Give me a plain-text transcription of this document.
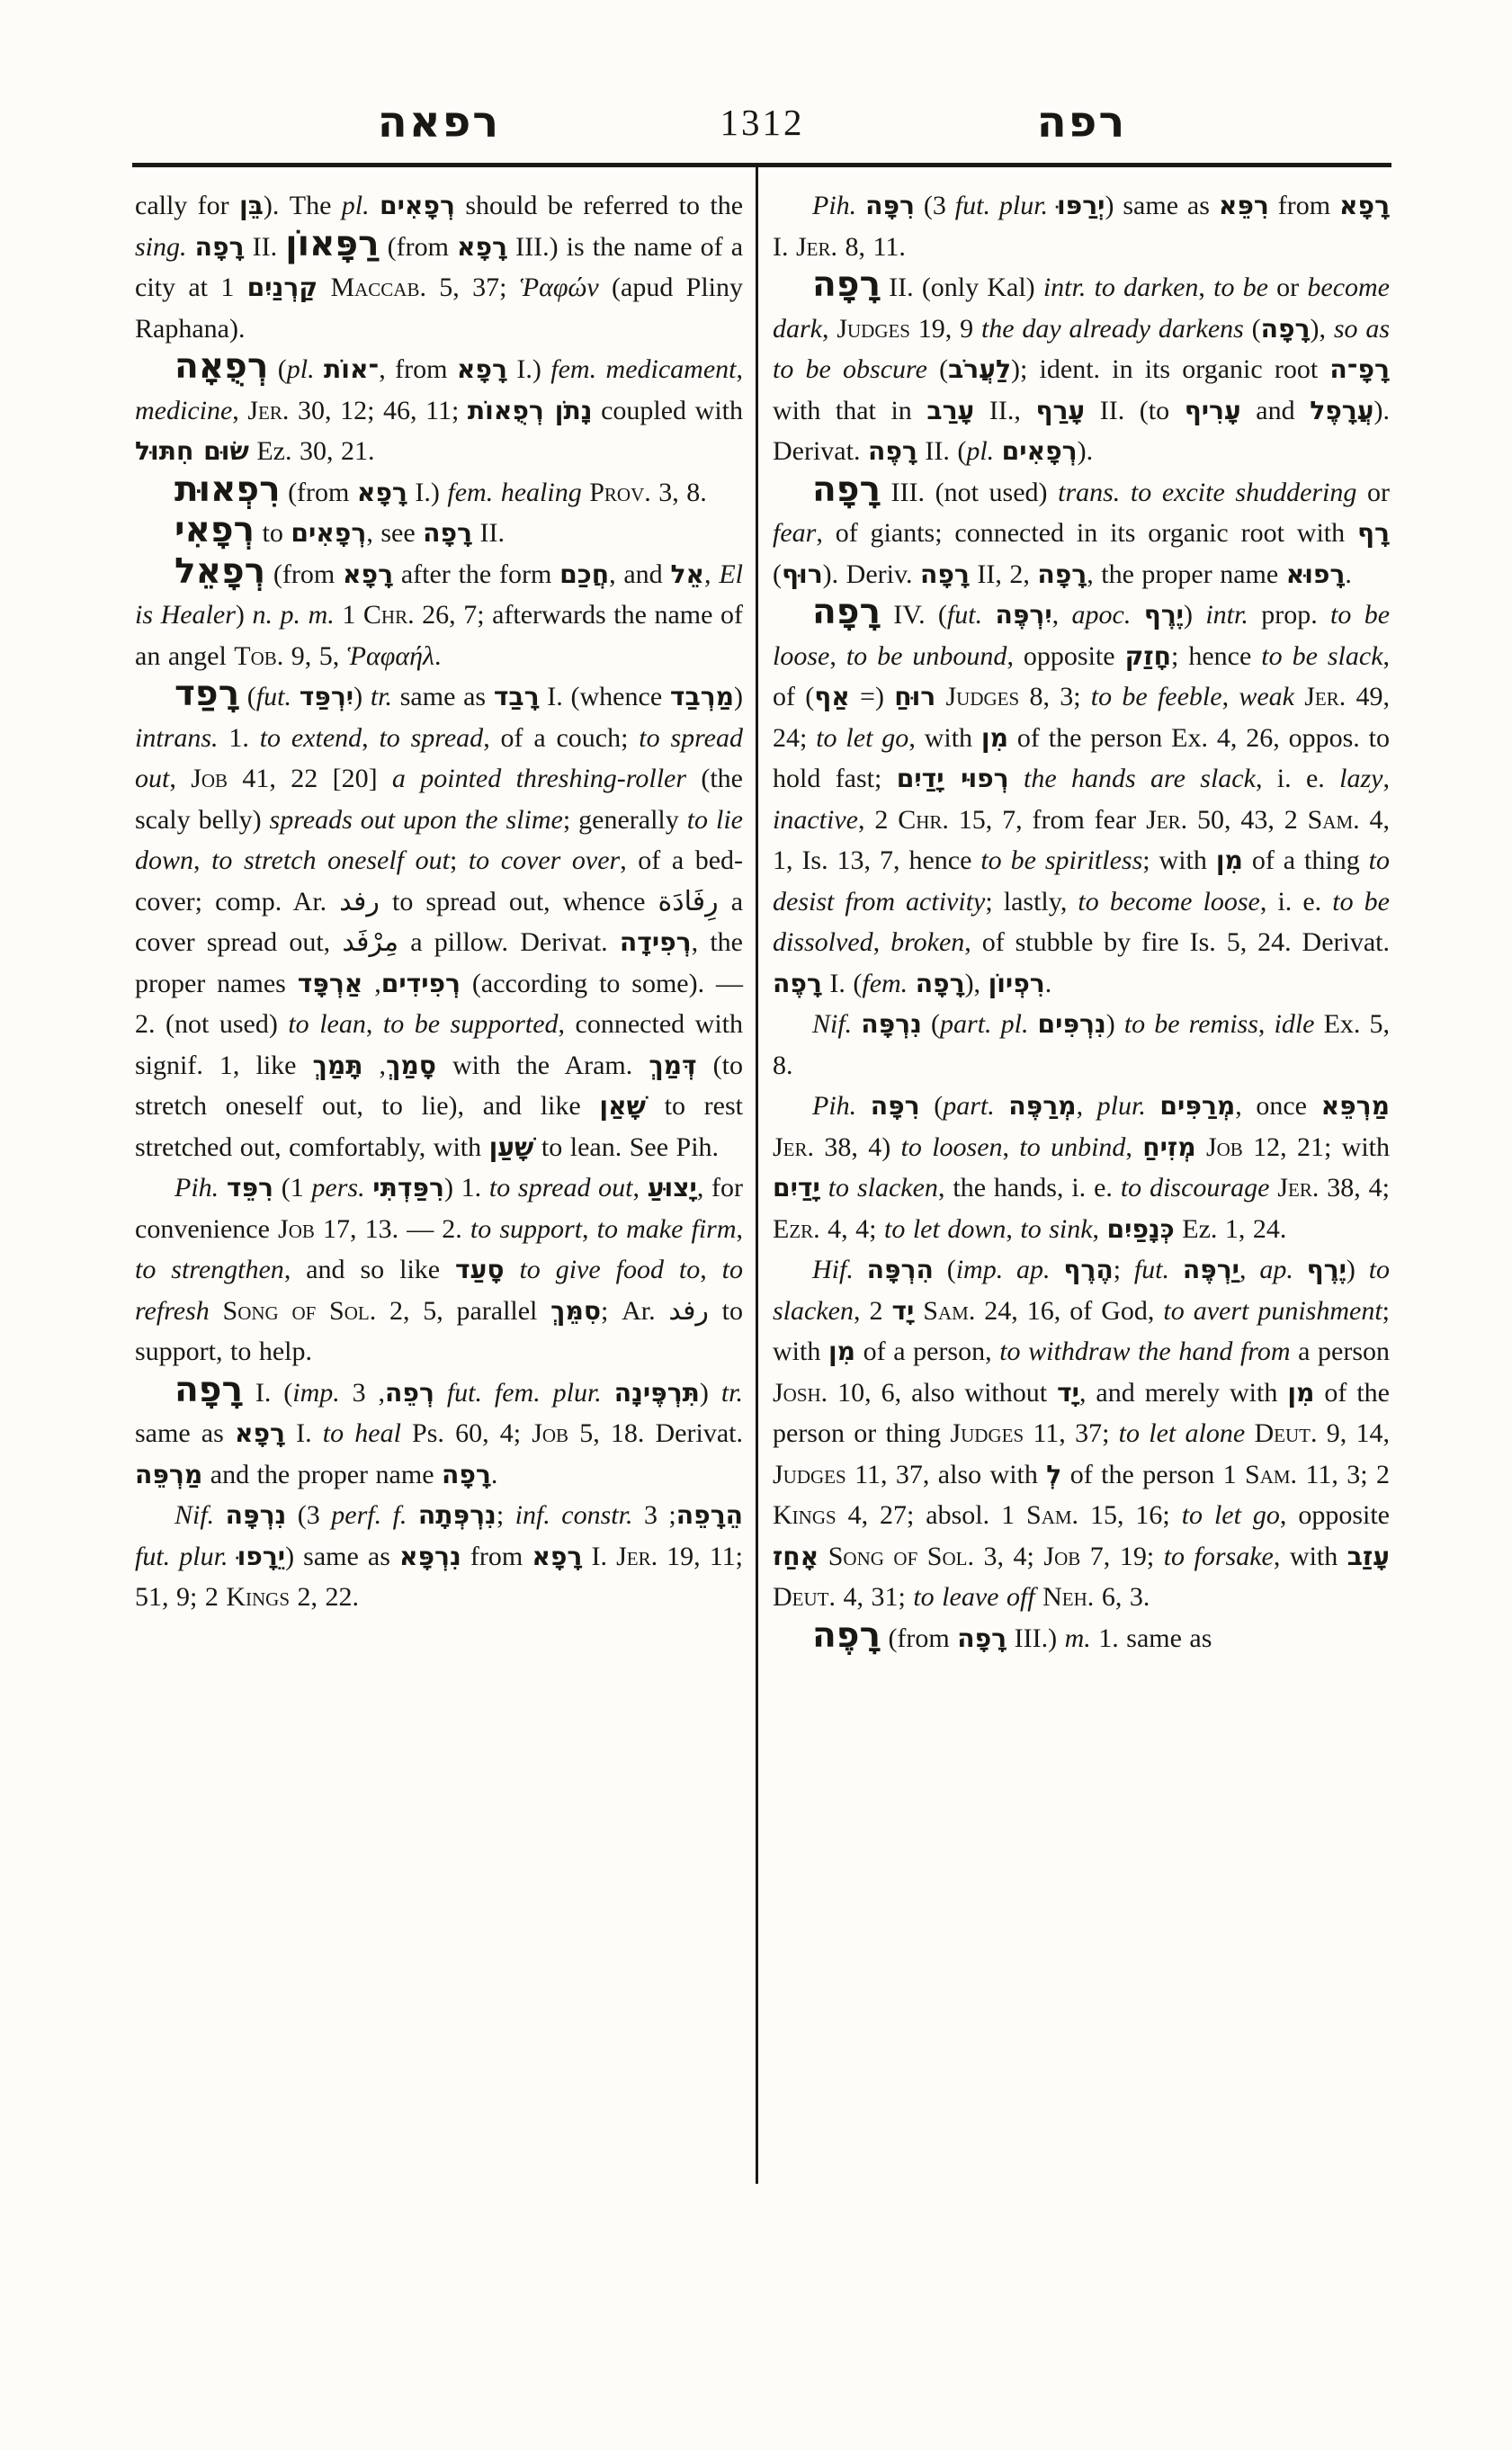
רפאה	1312	רפה

cally for בֵּן). The pl. רְפָאִים should be referred to the sing. רָפָה II. רַפָּאוֹן (from רָפָא III.) is the name of a city at קַרְנַיִם 1 Maccab. 5, 37; Ῥαφών (apud Pliny Raphana).

רְפֻאָה (pl. ־אוֹת, from רָפָא I.) fem. medicament, medicine, Jer. 30, 12; 46, 11; נָתֹן רְפֻאוֹת coupled with שׂוּם חִתּוּל Ez. 30, 21.

רִפְאוּת (from רָפָא I.) fem. healing Prov. 3, 8.

רְפָאִי to רְפָאִים, see רָפָה II.

רְפָאֵל (from רָפָא after the form חֲכַם, and אֵל, El is Healer) n. p. m. 1 Chr. 26, 7; afterwards the name of an angel Tob. 9, 5, Ῥαφαήλ.

רָפַד (fut. יִרְפַּד) tr. same as רָבַד I. (whence מַרְבַד) intrans. 1. to extend, to spread, of a couch; to spread out, Job 41, 22 [20] a pointed threshing-roller (the scaly belly) spreads out upon the slime; generally to lie down, to stretch oneself out; to cover over, of a bed-cover; comp. Ar. رفد to spread out, whence رِفَادَة a cover spread out, مِرْفَد a pillow. Derivat. רְפִידָה, the proper names	רְפִידִים, אַרְפָּד	(according to some). — 2. (not used) to lean, to be supported, connected with signif. 1, like	סָמַךְ, תָּמַךְ	with the Aram. דְּמַךְ (to stretch oneself out, to lie), and like שָׁאַן to rest stretched out, comfortably, with שָׁעַן to lean. See Pih.

Pih. רִפֵּד (1 pers. רִפַּדְתִּי) 1. to spread out, יָצוּעַ, for convenience Job 17, 13. — 2. to support, to make firm, to strengthen, and so like סָעַד to give food to, to refresh Song of Sol. 2, 5, parallel סִמֵּךְ; Ar. رفد to support, to help.

רָפָה I. (imp. רְפֵה, 3 fut. fem. plur. תִּרְפֶּינָה) tr. same as רָפָא I. to heal Ps. 60, 4; Job 5, 18. Derivat. מַרְפֵּה and the proper name רָפָה.

Nif. נִרְפָּה (3 perf. f. נִרְפְּתָה; inf. constr. הֵרָפֵה; 3 fut. plur. יֵרָפוּ) same as נִרְפָּא from רָפָא I. Jer. 19, 11; 51, 9; 2 Kings 2, 22.

Pih. רִפָּה (3 fut. plur. יְרַפּוּ) same as רִפֵּא from רָפָא I. Jer. 8, 11.

רָפָה II. (only Kal) intr. to darken, to be or become dark, Judges 19, 9 the day already darkens (רָפָה), so as to be obscure (לַעֲרֹב); ident. in its organic root רָפָ־ה with that in עָרַב II., עָרַף II. (to עָרִיף and עֲרָפֶל). Derivat. רָפֶה II. (pl. רְפָאִים).

רָפָה III. (not used) trans. to excite shuddering or fear, of giants; connected in its organic root with רָף (רוּף). Deriv. רָפָה II, 2, רָפָה, the proper name רָפוּא.

רָפָה IV. (fut. יִרְפֶּה, apoc. יֶרֶף) intr. prop. to be loose, to be unbound, opposite חָזַק; hence to be slack, of	רוּחַ (= אַף) Judges 8, 3; to be feeble, weak Jer. 49, 24; to let go, with מִן of the person Ex. 4, 26, oppos. to hold fast; רְפוּי יָדַיִם the hands are slack, i. e. lazy, inactive, 2 Chr. 15, 7, from fear Jer. 50, 43, 2 Sam. 4, 1, Is. 13, 7, hence to be spiritless; with מִן of a thing to desist from activity; lastly, to become loose, i. e. to be dissolved, broken, of stubble by fire Is. 5, 24. Derivat. רָפֶה I. (fem. רָפָה), רִפְיוֹן.

Nif. נִרְפָּה (part. pl. נִרְפִּים) to be remiss, idle Ex. 5, 8.

Pih. רִפָּה (part. מְרַפֶּה, plur. מְרַפִּים, once מַרְפֵּא Jer. 38, 4) to loosen, to unbind, מְזִיחַ Job 12, 21; with יָדַיִם to slacken, the hands, i. e. to discourage Jer. 38, 4; Ezr. 4, 4; to let down, to sink, כְּנָפַיִם Ez. 1, 24.

Hif. הִרְפָּה (imp. ap. הֶרֶף; fut. יַרְפֶּה, ap. יֶרֶף) to slacken, יָד 2 Sam. 24, 16, of God, to avert punishment; with מִן of a person, to withdraw the hand from a person Josh. 10, 6, also without יָד, and merely with מִן of the person or thing Judges 11, 37; to let alone Deut. 9, 14, Judges 11, 37, also with לְ of the person 1 Sam. 11, 3; 2 Kings 4, 27; absol. 1 Sam. 15, 16; to let go, opposite אָחַז Song of Sol. 3, 4; Job 7, 19; to forsake, with עָזַב Deut. 4, 31; to leave off Neh. 6, 3.

רָפֶה (from רָפָה III.) m. 1. same as
